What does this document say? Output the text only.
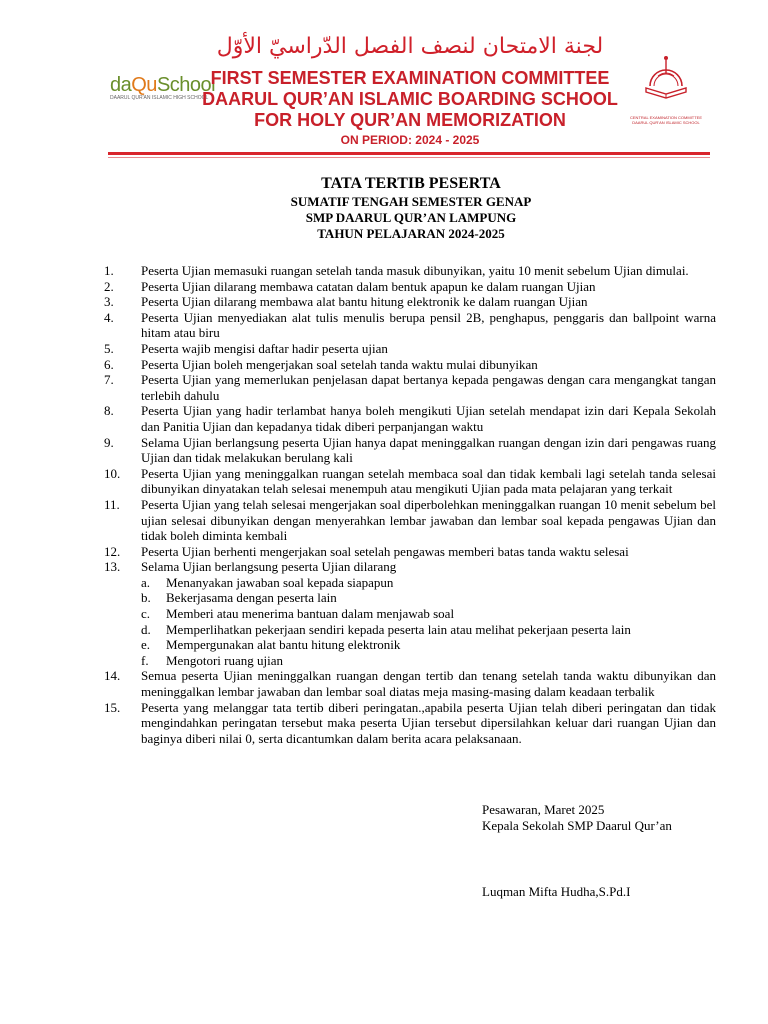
daQuSchool
DAARUL QUR'AN ISLAMIC HIGH SCHOOL
لجنة الامتحان لنصف الفصل الدّراسيّ الأوّل
FIRST SEMESTER EXAMINATION COMMITTEE
DAARUL QUR’AN ISLAMIC BOARDING SCHOOL
FOR HOLY QUR’AN MEMORIZATION
ON PERIOD: 2024 - 2025
CENTRAL EXAMINATION COMMITTEE DAARUL QUR'AN ISLAMIC SCHOOL
TATA TERTIB PESERTA
SUMATIF TENGAH SEMESTER GENAP
SMP DAARUL QUR’AN LAMPUNG
TAHUN PELAJARAN 2024-2025
1. Peserta Ujian memasuki ruangan setelah tanda masuk dibunyikan, yaitu 10 menit sebelum Ujian dimulai.
2. Peserta Ujian dilarang membawa catatan dalam bentuk apapun ke dalam ruangan Ujian
3. Peserta Ujian dilarang membawa alat bantu hitung elektronik ke dalam ruangan Ujian
4. Peserta Ujian menyediakan alat tulis menulis berupa pensil 2B, penghapus, penggaris dan ballpoint warna hitam atau biru
5. Peserta wajib mengisi daftar hadir peserta ujian
6. Peserta Ujian boleh mengerjakan soal setelah tanda waktu mulai dibunyikan
7. Peserta Ujian yang memerlukan penjelasan dapat bertanya kepada pengawas dengan cara mengangkat tangan terlebih dahulu
8. Peserta Ujian yang hadir terlambat hanya boleh mengikuti Ujian setelah mendapat izin dari Kepala Sekolah dan Panitia Ujian dan kepadanya tidak diberi perpanjangan waktu
9. Selama Ujian berlangsung peserta Ujian hanya dapat meninggalkan ruangan dengan izin dari pengawas ruang Ujian dan tidak melakukan berulang kali
10. Peserta Ujian yang meninggalkan ruangan setelah membaca soal dan tidak kembali lagi setelah tanda selesai dibunyikan dinyatakan telah selesai menempuh atau mengikuti Ujian pada mata pelajaran yang terkait
11. Peserta Ujian yang telah selesai mengerjakan soal diperbolehkan meninggalkan ruangan 10 menit sebelum bel ujian selesai dibunyikan dengan menyerahkan lembar jawaban dan lembar soal kepada pengawas Ujian dan tidak boleh diminta kembali
12. Peserta Ujian berhenti mengerjakan soal setelah pengawas memberi batas tanda waktu selesai
13. Selama Ujian berlangsung peserta Ujian dilarang
a. Menanyakan jawaban soal kepada siapapun
b. Bekerjasama dengan peserta lain
c. Memberi atau menerima bantuan dalam menjawab soal
d. Memperlihatkan pekerjaan sendiri kepada peserta lain atau melihat pekerjaan peserta lain
e. Mempergunakan alat bantu hitung elektronik
f. Mengotori ruang ujian
14. Semua peserta Ujian meninggalkan ruangan dengan tertib dan tenang setelah tanda waktu dibunyikan dan meninggalkan lembar jawaban dan lembar soal diatas meja masing-masing dalam keadaan terbalik
15. Peserta yang melanggar tata tertib diberi peringatan.,apabila peserta Ujian telah diberi peringatan dan tidak mengindahkan peringatan tersebut maka peserta Ujian tersebut dipersilahkan keluar dari ruangan Ujian dan baginya diberi nilai 0, serta dicantumkan dalam berita acara pelaksanaan.
Pesawaran, Maret 2025
Kepala Sekolah SMP Daarul Qur’an
Luqman Mifta Hudha,S.Pd.I
